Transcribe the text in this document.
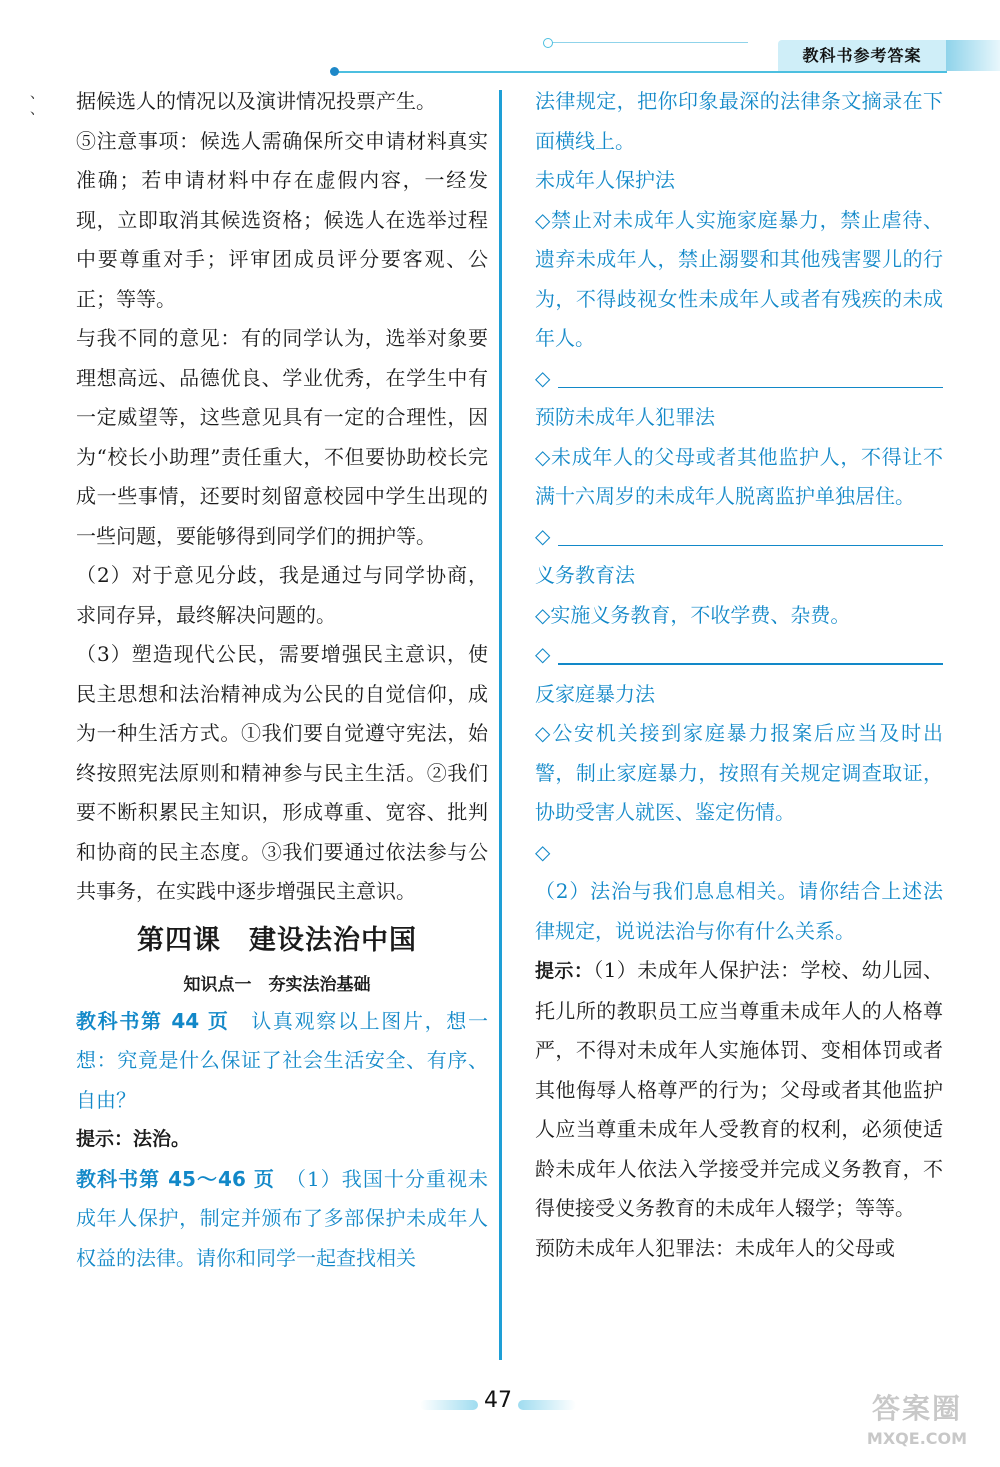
教科书参考答案
、
、 据候选人的情况以及演讲情况投票产生。

⑤注意事项：候选人需确保所交申请材料真实准确；若申请材料中存在虚假内容，一经发现，立即取消其候选资格；候选人在选举过程中要尊重对手；评审团成员评分要客观、公正；等等。

与我不同的意见：有的同学认为，选举对象要理想高远、品德优良、学业优秀，在学生中有一定威望等，这些意见具有一定的合理性，因为“校长小助理”责任重大，不但要协助校长完成一些事情，还要时刻留意校园中学生出现的一些问题，要能够得到同学们的拥护等。

（2）对于意见分歧，我是通过与同学协商，求同存异，最终解决问题的。

（3）塑造现代公民，需要增强民主意识，使民主思想和法治精神成为公民的自觉信仰，成为一种生活方式。①我们要自觉遵守宪法，始终按照宪法原则和精神参与民主生活。②我们要不断积累民主知识，形成尊重、宽容、批判和协商的民主态度。③我们要通过依法参与公共事务，在实践中逐步增强民主意识。

第四课　建设法治中国
知识点一　夯实法治基础

教科书第 44 页　认真观察以上图片，想一想：究竟是什么保证了社会生活安全、有序、自由？

提示：法治。

教科书第 45～46 页　（1）我国十分重视未成年人保护，制定并颁布了多部保护未成年人权益的法律。请你和同学一起查找相关

法律规定，把你印象最深的法律条文摘录在下面横线上。

未成年人保护法

◇禁止对未成年人实施家庭暴力，禁止虐待、遗弃未成年人，禁止溺婴和其他残害婴儿的行为，不得歧视女性未成年人或者有残疾的未成年人。

◇

预防未成年人犯罪法

◇未成年人的父母或者其他监护人，不得让不满十六周岁的未成年人脱离监护单独居住。

◇

义务教育法

◇实施义务教育，不收学费、杂费。

◇

反家庭暴力法

◇公安机关接到家庭暴力报案后应当及时出警，制止家庭暴力，按照有关规定调查取证，协助受害人就医、鉴定伤情。

◇

（2）法治与我们息息相关。请你结合上述法律规定，说说法治与你有什么关系。

提示：（1）未成年人保护法：学校、幼儿园、托儿所的教职员工应当尊重未成年人的人格尊严，不得对未成年人实施体罚、变相体罚或者其他侮辱人格尊严的行为；父母或者其他监护人应当尊重未成年人受教育的权利，必须使适龄未成年人依法入学接受并完成义务教育，不得使接受义务教育的未成年人辍学；等等。

预防未成年人犯罪法：未成年人的父母或

47	答案圈
MXQE.COM
